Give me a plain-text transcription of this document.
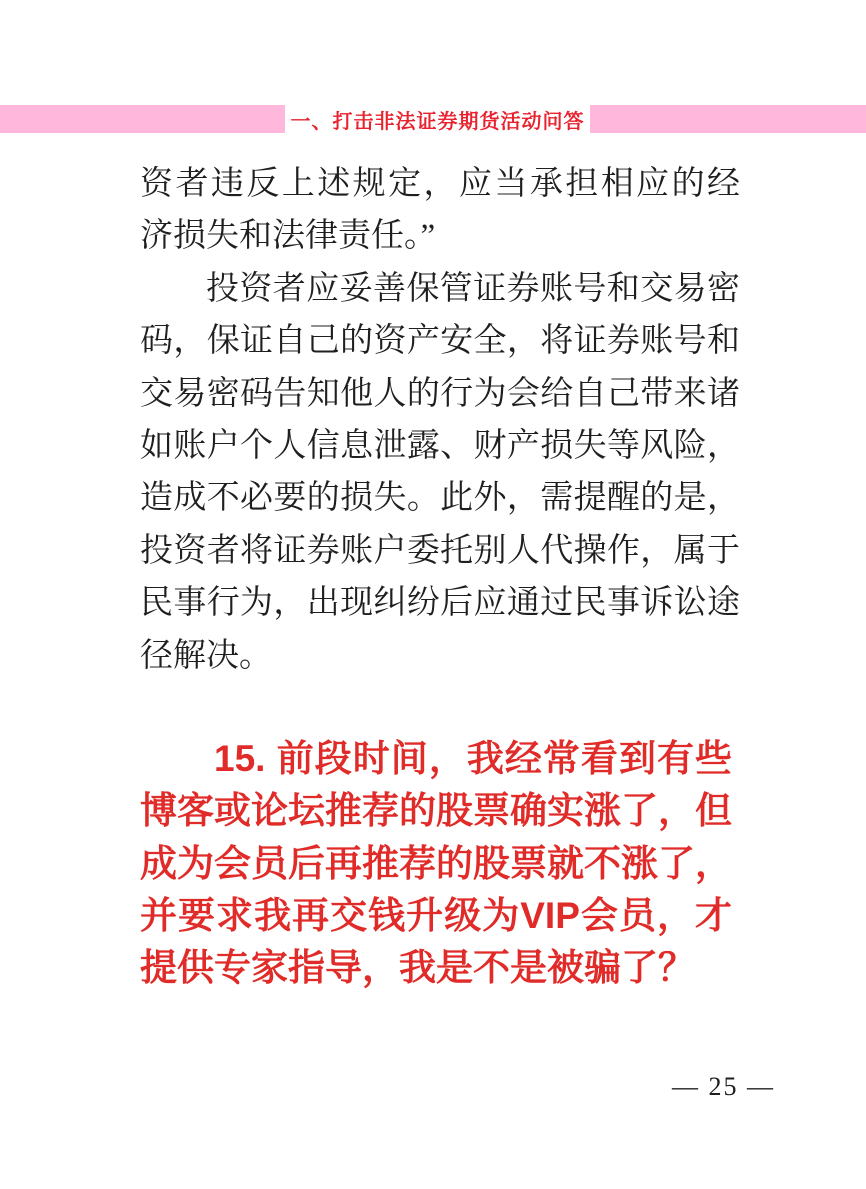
一、打击非法证券期货活动问答
资者违反上述规定，应当承担相应的经
济损失和法律责任。”
投资者应妥善保管证券账号和交易密
码，保证自己的资产安全，将证券账号和
交易密码告知他人的行为会给自己带来诸
如账户个人信息泄露、财产损失等风险，
造成不必要的损失。此外，需提醒的是，
投资者将证券账户委托别人代操作，属于
民事行为，出现纠纷后应通过民事诉讼途
径解决。
15. 前段时间，我经常看到有些
博客或论坛推荐的股票确实涨了，但
成为会员后再推荐的股票就不涨了，
并要求我再交钱升级为VIP会员，才
提供专家指导，我是不是被骗了？
— 25 —
